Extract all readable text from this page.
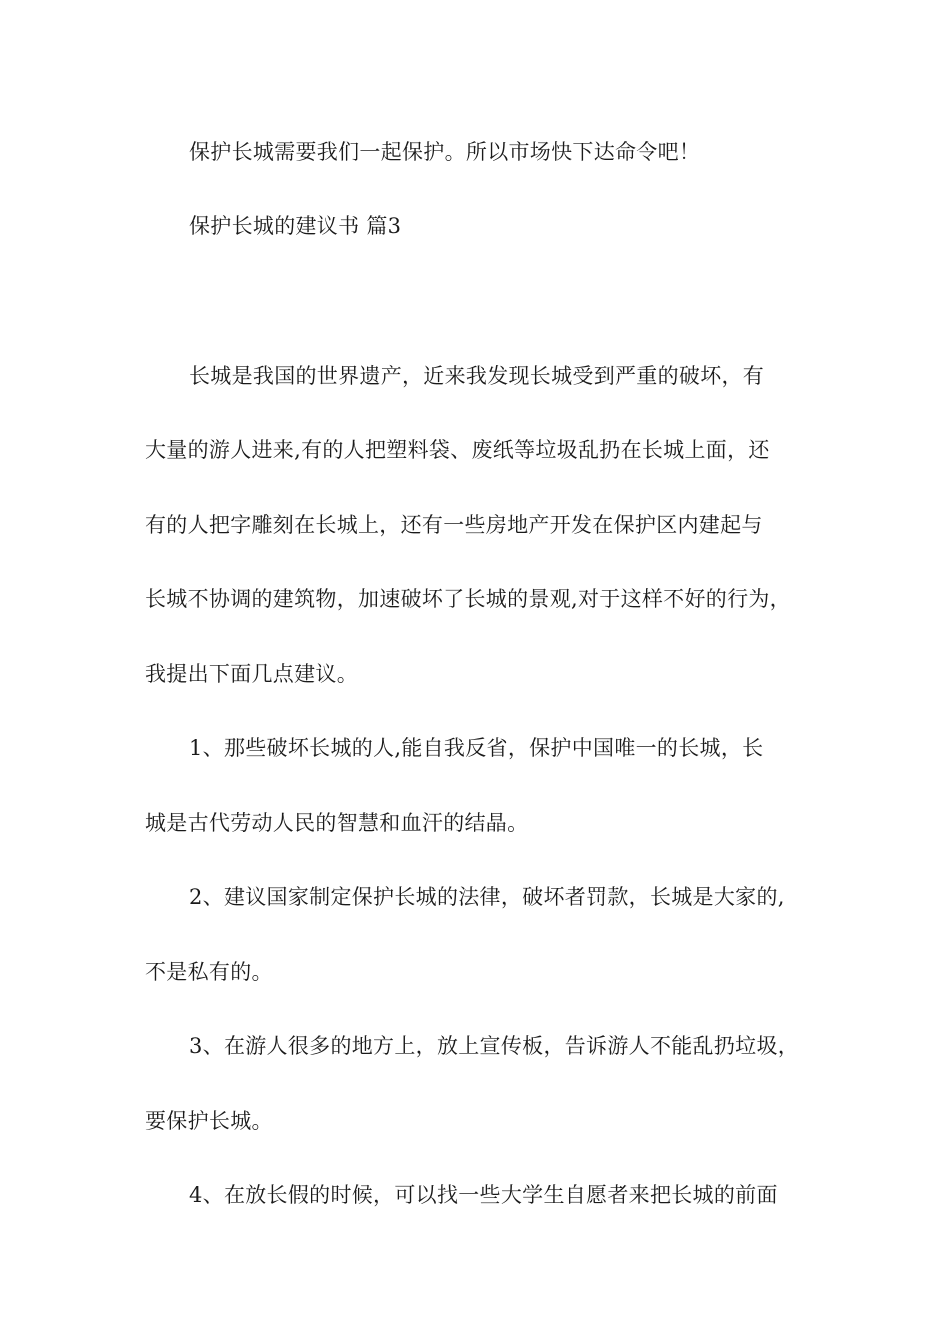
保护长城需要我们一起保护。所以市场快下达命令吧！
保护长城的建议书 篇3
长城是我国的世界遗产，近来我发现长城受到严重的破坏，有
大量的游人进来,有的人把塑料袋、废纸等垃圾乱扔在长城上面，还
有的人把字雕刻在长城上，还有一些房地产开发在保护区内建起与
长城不协调的建筑物，加速破坏了长城的景观,对于这样不好的行为，
我提出下面几点建议。
1、那些破坏长城的人,能自我反省，保护中国唯一的长城，长
城是古代劳动人民的智慧和血汗的结晶。
2、建议国家制定保护长城的法律，破坏者罚款，长城是大家的,
不是私有的。
3、在游人很多的地方上，放上宣传板，告诉游人不能乱扔垃圾，
要保护长城。
4、在放长假的时候，可以找一些大学生自愿者来把长城的前面
